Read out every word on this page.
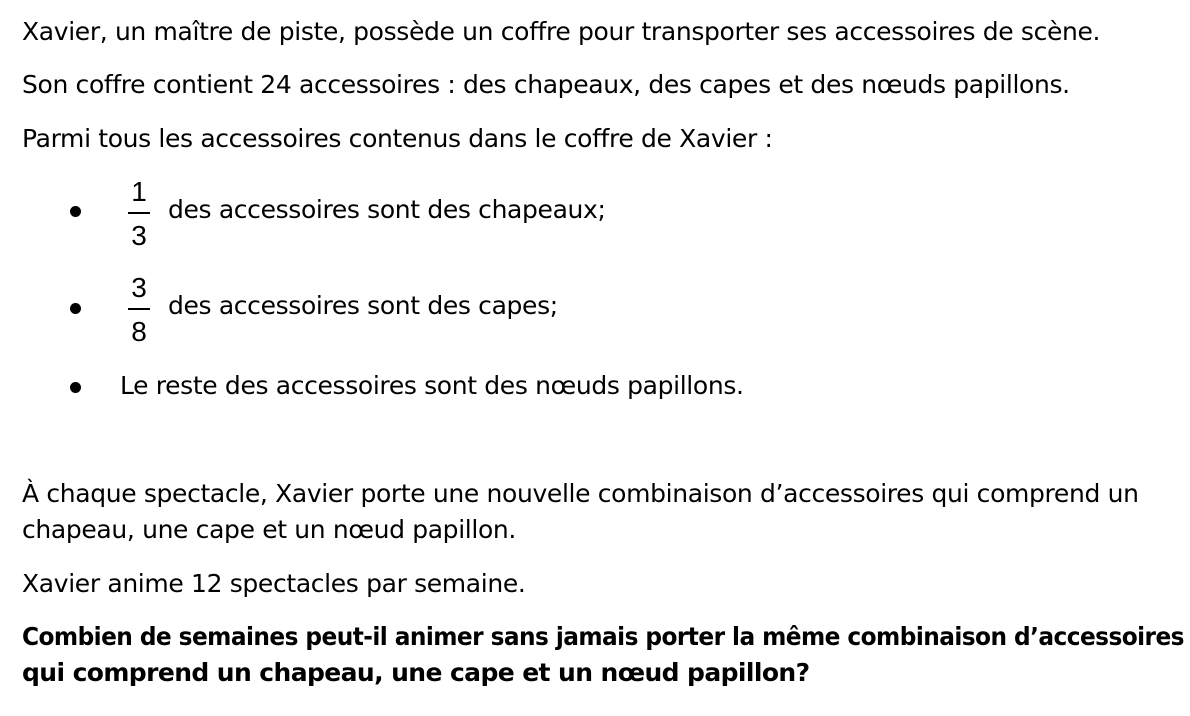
Xavier, un maître de piste, possède un coffre pour transporter ses accessoires de scène.

Son coffre contient 24 accessoires : des chapeaux, des capes et des nœuds papillons.

Parmi tous les accessoires contenus dans le coffre de Xavier :

1
3
des accessoires sont des chapeaux;
3
8
des accessoires sont des capes;
Le reste des accessoires sont des nœuds papillons.

À chaque spectacle, Xavier porte une nouvelle combinaison d’accessoires qui comprend un

chapeau, une cape et un nœud papillon.

Xavier anime 12 spectacles par semaine.

Combien de semaines peut-il animer sans jamais porter la même combinaison d’accessoires

qui comprend un chapeau, une cape et un nœud papillon?
